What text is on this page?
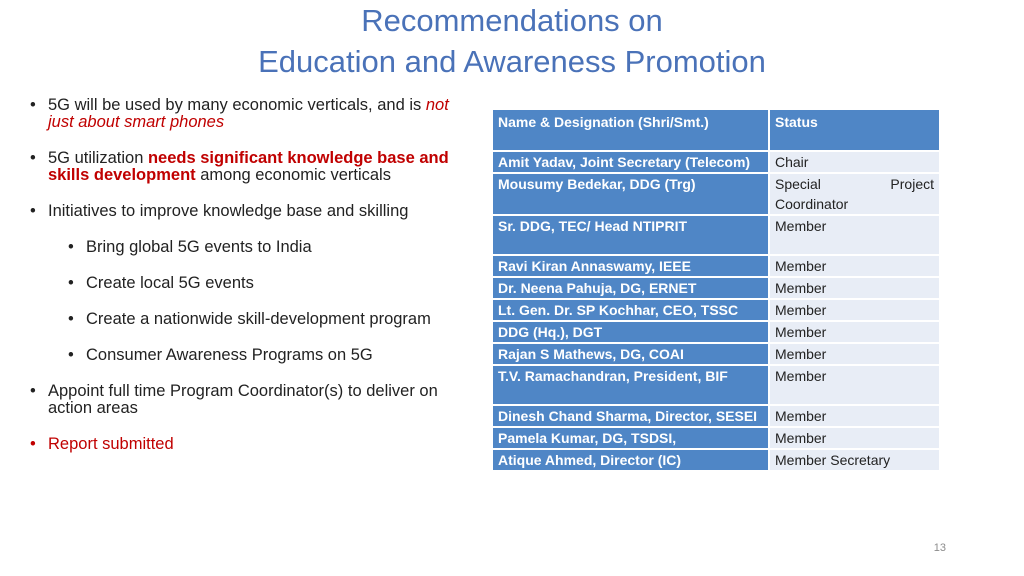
Recommendations on
Education and Awareness Promotion
• 5G will be used by many economic verticals, and is not just about smart phones
• 5G utilization needs significant knowledge base and skills development among economic verticals
• Initiatives to improve knowledge base and skilling
• Bring global 5G events to India
• Create local 5G events
• Create a nationwide skill-development program
• Consumer Awareness Programs on 5G
• Appoint full time Program Coordinator(s) to deliver on action areas
• Report submitted
Name & Designation (Shri/Smt.)	Status
Amit Yadav, Joint Secretary (Telecom)	Chair
Mousumy Bedekar, DDG (Trg)	Special Project Coordinator
Sr. DDG, TEC/ Head NTIPRIT	Member
Ravi Kiran Annaswamy, IEEE	Member
Dr. Neena Pahuja, DG, ERNET	Member
Lt. Gen. Dr. SP Kochhar, CEO, TSSC	Member
DDG (Hq.), DGT	Member
Rajan S Mathews, DG, COAI	Member
T.V. Ramachandran, President, BIF	Member
Dinesh Chand Sharma, Director, SESEI	Member
Pamela Kumar, DG, TSDSI,	Member
Atique Ahmed, Director (IC)	Member Secretary
13
